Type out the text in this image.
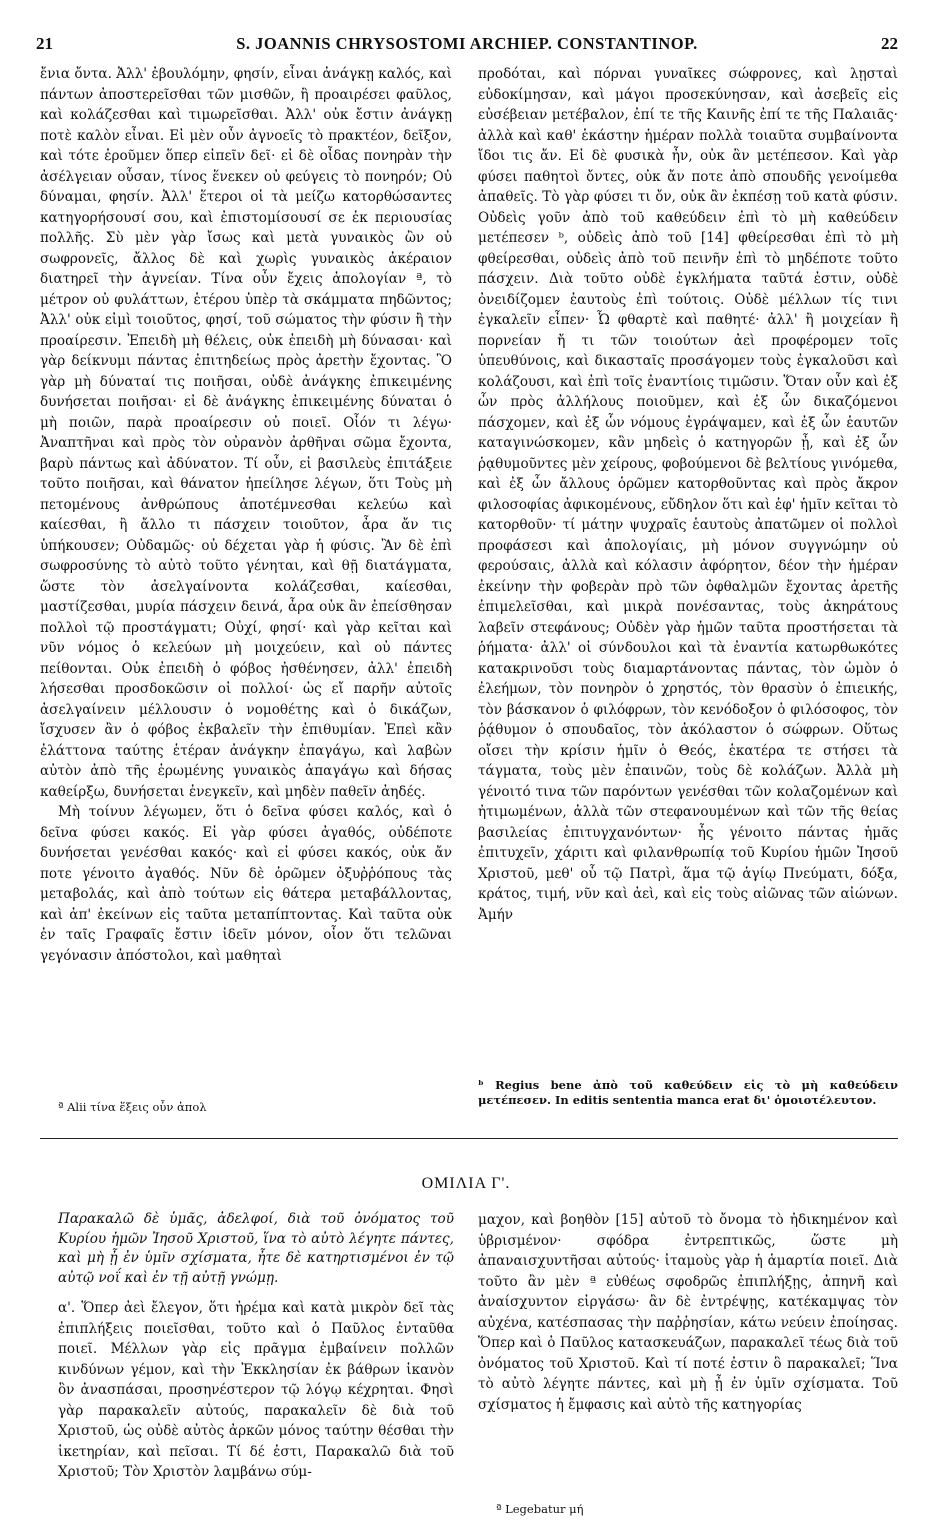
21	S. JOANNIS CHRYSOSTOMI ARCHIEP. CONSTANTINOP.	22

ἔνια ὄντα. Ἀλλ' ἐβουλόμην, φησίν, εἶναι ἀνάγκῃ καλός, καὶ πάντων ἀποστερεῖσθαι τῶν μισθῶν, ἢ προαιρέσει φαῦλος, καὶ κολάζεσθαι καὶ τιμωρεῖσθαι. Ἀλλ' οὐκ ἔστιν ἀνάγκῃ ποτὲ καλὸν εἶναι. Εἰ μὲν οὖν ἀγνοεῖς τὸ πρακτέον, δεῖξον, καὶ τότε ἐροῦμεν ὅπερ εἰπεῖν δεῖ· εἰ δὲ οἶδας πονηρὰν τὴν ἀσέλγειαν οὖσαν, τίνος ἕνεκεν οὐ φεύγεις τὸ πονηρόν; Οὐ δύναμαι, φησίν. Ἀλλ' ἕτεροι οἱ τὰ μείζω κατορθώσαντες κατηγορήσουσί σου, καὶ ἐπιστομίσουσί σε ἐκ περιουσίας πολλῆς. Σὺ μὲν γὰρ ἴσως καὶ μετὰ γυναικὸς ὢν οὐ σωφρονεῖς, ἄλλος δὲ καὶ χωρὶς γυναικὸς ἀκέραιον διατηρεῖ τὴν ἁγνείαν. Τίνα οὖν ἔχεις ἀπολογίαν ª, τὸ μέτρον οὐ φυλάττων, ἑτέρου ὑπὲρ τὰ σκάμματα πηδῶντος; Ἀλλ' οὐκ εἰμὶ τοιοῦτος, φησί, τοῦ σώματος τὴν φύσιν ἢ τὴν προαίρεσιν. Ἐπειδὴ μὴ θέλεις, οὐκ ἐπειδὴ μὴ δύνασαι· καὶ γὰρ δείκνυμι πάντας ἐπιτηδείως πρὸς ἀρετὴν ἔχοντας. Ὃ γὰρ μὴ δύναταί τις ποιῆσαι, οὐδὲ ἀνάγκης ἐπικειμένης δυνήσεται ποιῆσαι· εἰ δὲ ἀνάγκης ἐπικειμένης δύναται ὁ μὴ ποιῶν, παρὰ προαίρεσιν οὐ ποιεῖ. Οἷόν τι λέγω· Ἀναπτῆναι καὶ πρὸς τὸν οὐρανὸν ἀρθῆναι σῶμα ἔχοντα, βαρὺ πάντως καὶ ἀδύνατον. Τί οὖν, εἰ βασιλεὺς ἐπιτάξειε τοῦτο ποιῆσαι, καὶ θάνατον ἠπείλησε λέγων, ὅτι Τοὺς μὴ πετομένους ἀνθρώπους ἀποτέμνεσθαι κελεύω καὶ καίεσθαι, ἢ ἄλλο τι πάσχειν τοιοῦτον, ἆρα ἄν τις ὑπήκουσεν; Οὐδαμῶς· οὐ δέχεται γὰρ ἡ φύσις. Ἂν δὲ ἐπὶ σωφροσύνης τὸ αὐτὸ τοῦτο γένηται, καὶ θῇ διατάγματα, ὥστε τὸν ἀσελγαίνοντα κολάζεσθαι, καίεσθαι, μαστίζεσθαι, μυρία πάσχειν δεινά, ἆρα οὐκ ἂν ἐπείσθησαν πολλοὶ τῷ προστάγματι; Οὐχί, φησί· καὶ γὰρ κεῖται καὶ νῦν νόμος ὁ κελεύων μὴ μοιχεύειν, καὶ οὐ πάντες πείθονται. Οὐκ ἐπειδὴ ὁ φόβος ἠσθένησεν, ἀλλ' ἐπειδὴ λήσεσθαι προσδοκῶσιν οἱ πολλοί· ὡς εἴ παρῆν αὐτοῖς ἀσελγαίνειν μέλλουσιν ὁ νομοθέτης καὶ ὁ δικάζων, ἴσχυσεν ἂν ὁ φόβος ἐκβαλεῖν τὴν ἐπιθυμίαν. Ἐπεὶ κἂν ἐλάττονα ταύτης ἑτέραν ἀνάγκην ἐπαγάγω, καὶ λαβὼν αὐτὸν ἀπὸ τῆς ἐρωμένης γυναικὸς ἀπαγάγω καὶ δήσας καθείρξω, δυνήσεται ἐνεγκεῖν, καὶ μηδὲν παθεῖν ἀηδές.

Μὴ τοίνυν λέγωμεν, ὅτι ὁ δεῖνα φύσει καλός, καὶ ὁ δεῖνα φύσει κακός. Εἰ γὰρ φύσει ἀγαθός, οὐδέποτε δυνήσεται γενέσθαι κακός· καὶ εἰ φύσει κακός, οὐκ ἄν ποτε γένοιτο ἀγαθός. Νῦν δὲ ὁρῶμεν ὀξυῤῥόπους τὰς μεταβολάς, καὶ ἀπὸ τούτων εἰς θάτερα μεταβάλλοντας, καὶ ἀπ' ἐκείνων εἰς ταῦτα μεταπίπτοντας. Καὶ ταῦτα οὐκ ἐν ταῖς Γραφαῖς ἔστιν ἰδεῖν μόνον, οἷον ὅτι τελῶναι γεγόνασιν ἀπόστολοι, καὶ μαθηταὶ

προδόται, καὶ πόρναι γυναῖκες σώφρονες, καὶ λῃσταὶ εὐδοκίμησαν, καὶ μάγοι προσεκύνησαν, καὶ ἀσεβεῖς εἰς εὐσέβειαν μετέβαλον, ἐπί τε τῆς Καινῆς ἐπί τε τῆς Παλαιᾶς· ἀλλὰ καὶ καθ' ἑκάστην ἡμέραν πολλὰ τοιαῦτα συμβαίνοντα ἴδοι τις ἄν. Εἰ δὲ φυσικὰ ἦν, οὐκ ἂν μετέπεσον. Καὶ γὰρ φύσει παθητοὶ ὄντες, οὐκ ἄν ποτε ἀπὸ σπουδῆς γενοίμεθα ἀπαθεῖς. Τὸ γὰρ φύσει τι ὄν, οὐκ ἂν ἐκπέσῃ τοῦ κατὰ φύσιν. Οὐδεὶς γοῦν ἀπὸ τοῦ καθεύδειν ἐπὶ τὸ μὴ καθεύδειν μετέπεσεν ᵇ, οὐδεὶς ἀπὸ τοῦ [14] φθείρεσθαι ἐπὶ τὸ μὴ φθείρεσθαι, οὐδεὶς ἀπὸ τοῦ πεινῆν ἐπὶ τὸ μηδέποτε τοῦτο πάσχειν. Διὰ τοῦτο οὐδὲ ἐγκλήματα ταῦτά ἐστιν, οὐδὲ ὀνειδίζομεν ἑαυτοὺς ἐπὶ τούτοις. Οὐδὲ μέλλων τίς τινι ἐγκαλεῖν εἶπεν· Ὦ φθαρτὲ καὶ παθητέ· ἀλλ' ἢ μοιχείαν ἢ πορνείαν ἤ τι τῶν τοιούτων ἀεὶ προφέρομεν τοῖς ὑπευθύνοις, καὶ δικασταῖς προσάγομεν τοὺς ἐγκαλοῦσι καὶ κολάζουσι, καὶ ἐπὶ τοῖς ἐναντίοις τιμῶσιν. Ὅταν οὖν καὶ ἐξ ὧν πρὸς ἀλλήλους ποιοῦμεν, καὶ ἐξ ὧν δικαζόμενοι πάσχομεν, καὶ ἐξ ὧν νόμους ἐγράψαμεν, καὶ ἐξ ὧν ἑαυτῶν καταγινώσκομεν, κἂν μηδεὶς ὁ κατηγορῶν ᾖ, καὶ ἐξ ὧν ῥᾳθυμοῦντες μὲν χείρους, φοβούμενοι δὲ βελτίους γινόμεθα, καὶ ἐξ ὧν ἄλλους ὁρῶμεν κατορθοῦντας καὶ πρὸς ἄκρον φιλοσοφίας ἀφικομένους, εὔδηλον ὅτι καὶ ἐφ' ἡμῖν κεῖται τὸ κατορθοῦν· τί μάτην ψυχραῖς ἑαυτοὺς ἀπατῶμεν οἱ πολλοὶ προφάσεσι καὶ ἀπολογίαις, μὴ μόνον συγγνώμην οὐ φερούσαις, ἀλλὰ καὶ κόλασιν ἀφόρητον, δέον τὴν ἡμέραν ἐκείνην τὴν φοβερὰν πρὸ τῶν ὀφθαλμῶν ἔχοντας ἀρετῆς ἐπιμελεῖσθαι, καὶ μικρὰ πονέσαντας, τοὺς ἀκηράτους λαβεῖν στεφάνους; Οὐδὲν γὰρ ἡμῶν ταῦτα προστήσεται τὰ ῥήματα· ἀλλ' οἱ σύνδουλοι καὶ τὰ ἐναντία κατωρθωκότες κατακρινοῦσι τοὺς διαμαρτάνοντας πάντας, τὸν ὠμὸν ὁ ἐλεήμων, τὸν πονηρὸν ὁ χρηστός, τὸν θρασὺν ὁ ἐπιεικής, τὸν βάσκανον ὁ φιλόφρων, τὸν κενόδοξον ὁ φιλόσοφος, τὸν ῥᾴθυμον ὁ σπουδαῖος, τὸν ἀκόλαστον ὁ σώφρων. Οὕτως οἴσει τὴν κρίσιν ἡμῖν ὁ Θεός, ἑκατέρα τε στήσει τὰ τάγματα, τοὺς μὲν ἐπαινῶν, τοὺς δὲ κολάζων. Ἀλλὰ μὴ γένοιτό τινα τῶν παρόντων γενέσθαι τῶν κολαζομένων καὶ ἠτιμωμένων, ἀλλὰ τῶν στεφανουμένων καὶ τῶν τῆς θείας βασιλείας ἐπιτυγχανόντων· ἧς γένοιτο πάντας ἡμᾶς ἐπιτυχεῖν, χάριτι καὶ φιλανθρωπίᾳ τοῦ Κυρίου ἡμῶν Ἰησοῦ Χριστοῦ, μεθ' οὗ τῷ Πατρὶ, ἅμα τῷ ἁγίῳ Πνεύματι, δόξα, κράτος, τιμή, νῦν καὶ ἀεὶ, καὶ εἰς τοὺς αἰῶνας τῶν αἰώνων. Ἀμήν

ª Alii τίνα ἕξεις οὖν ἀπολ
ᵇ Regius bene ἀπὸ τοῦ καθεύδειν εἰς τὸ μὴ καθεύδειν μετέπεσεν. In editis sententia manca erat δι' ὁμοιοτέλευτον.
ΟΜΙΛΙΑ Γ'.

Παρακαλῶ δὲ ὑμᾶς, ἀδελφοί, διὰ τοῦ ὀνόματος τοῦ Κυρίου ἡμῶν Ἰησοῦ Χριστοῦ, ἵνα τὸ αὐτὸ λέγητε πάντες, καὶ μὴ ᾖ ἐν ὑμῖν σχίσματα, ἦτε δὲ κατηρτισμένοι ἐν τῷ αὐτῷ νοΐ καὶ ἐν τῇ αὐτῇ γνώμῃ.

α'. Ὅπερ ἀεὶ ἔλεγον, ὅτι ἠρέμα καὶ κατὰ μικρὸν δεῖ τὰς ἐπιπλήξεις ποιεῖσθαι, τοῦτο καὶ ὁ Παῦλος ἐνταῦθα ποιεῖ. Μέλλων γὰρ εἰς πρᾶγμα ἐμβαίνειν πολλῶν κινδύνων γέμον, καὶ τὴν Ἐκκλησίαν ἐκ βάθρων ἱκανὸν ὂν ἀνασπάσαι, προσηνέστερον τῷ λόγῳ κέχρηται. Φησὶ γὰρ παρακαλεῖν αὐτούς, παρακαλεῖν δὲ διὰ τοῦ Χριστοῦ, ὡς οὐδὲ αὐτὸς ἀρκῶν μόνος ταύτην θέσθαι τὴν ἱκετηρίαν, καὶ πεῖσαι. Τί δέ ἐστι, Παρακαλῶ διὰ τοῦ Χριστοῦ; Τὸν Χριστὸν λαμβάνω σύμ-

μαχον, καὶ βοηθὸν [15] αὐτοῦ τὸ ὄνομα τὸ ἠδικημένον καὶ ὑβρισμένον· σφόδρα ἐντρεπτικῶς, ὥστε μὴ ἀπαναισχυντῆσαι αὐτούς· ἰταμοὺς γὰρ ἡ ἁμαρτία ποιεῖ. Διὰ τοῦτο ἂν μὲν ª εὐθέως σφοδρῶς ἐπιπλήξῃς, ἀπηνῆ καὶ ἀναίσχυντον εἰργάσω· ἂν δὲ ἐντρέψῃς, κατέκαμψας τὸν αὐχένα, κατέσπασας τὴν παῤῥησίαν, κάτω νεύειν ἐποίησας. Ὅπερ καὶ ὁ Παῦλος κατασκευάζων, παρακαλεῖ τέως διὰ τοῦ ὀνόματος τοῦ Χριστοῦ. Καὶ τί ποτέ ἐστιν ὃ παρακαλεῖ; Ἵνα τὸ αὐτὸ λέγητε πάντες, καὶ μὴ ᾖ ἐν ὑμῖν σχίσματα. Τοῦ σχίσματος ἡ ἔμφασις καὶ αὐτὸ τῆς κατηγορίας

ª Legebatur μή
